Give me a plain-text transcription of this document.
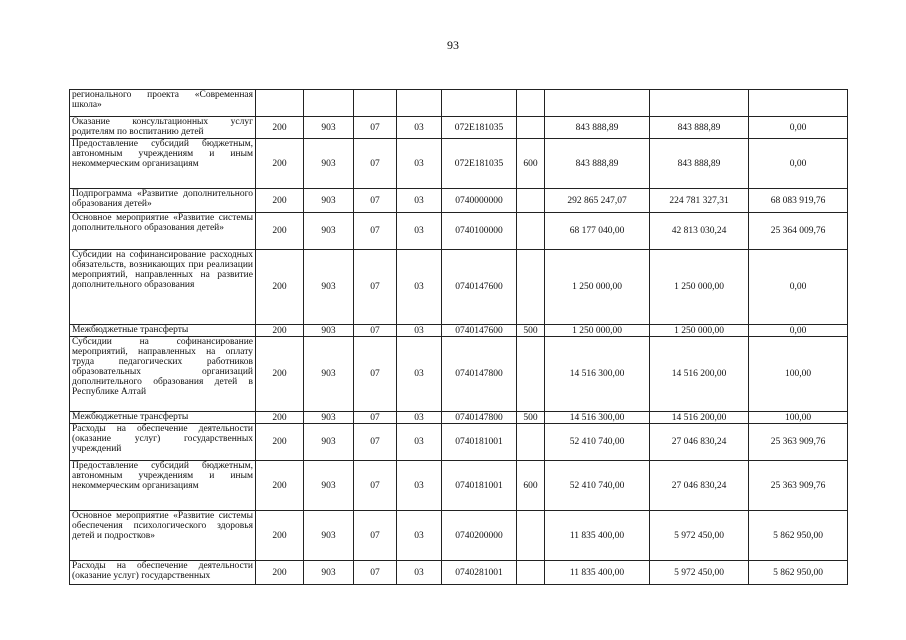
93
регионального проекта «Современная школа»									
Оказание консультационных услуг родителям по воспитанию детей	200	903	07	03	072E181035		843 888,89	843 888,89	0,00
Предоставление субсидий бюджетным, автономным учреждениям и иным некоммерческим организациям	200	903	07	03	072E181035	600	843 888,89	843 888,89	0,00
Подпрограмма «Развитие дополнительного образования детей»	200	903	07	03	0740000000		292 865 247,07	224 781 327,31	68 083 919,76
Основное мероприятие «Развитие системы дополнительного образования детей»	200	903	07	03	0740100000		68 177 040,00	42 813 030,24	25 364 009,76
Субсидии на софинансирование расходных обязательств, возникающих при реализации мероприятий, направленных на развитие дополнительного образования	200	903	07	03	0740147600		1 250 000,00	1 250 000,00	0,00
Межбюджетные трансферты	200	903	07	03	0740147600	500	1 250 000,00	1 250 000,00	0,00
Субсидии на софинансирование мероприятий, направленных на оплату труда педагогических работников образовательных организаций дополнительного образования детей в Республике Алтай	200	903	07	03	0740147800		14 516 300,00	14 516 200,00	100,00
Межбюджетные трансферты	200	903	07	03	0740147800	500	14 516 300,00	14 516 200,00	100,00
Расходы на обеспечение деятельности (оказание услуг) государственных учреждений	200	903	07	03	0740181001		52 410 740,00	27 046 830,24	25 363 909,76
Предоставление субсидий бюджетным, автономным учреждениям и иным некоммерческим организациям	200	903	07	03	0740181001	600	52 410 740,00	27 046 830,24	25 363 909,76
Основное мероприятие «Развитие системы обеспечения психологического здоровья детей и подростков»	200	903	07	03	0740200000		11 835 400,00	5 972 450,00	5 862 950,00
Расходы на обеспечение деятельности (оказание услуг) государственных	200	903	07	03	0740281001		11 835 400,00	5 972 450,00	5 862 950,00
